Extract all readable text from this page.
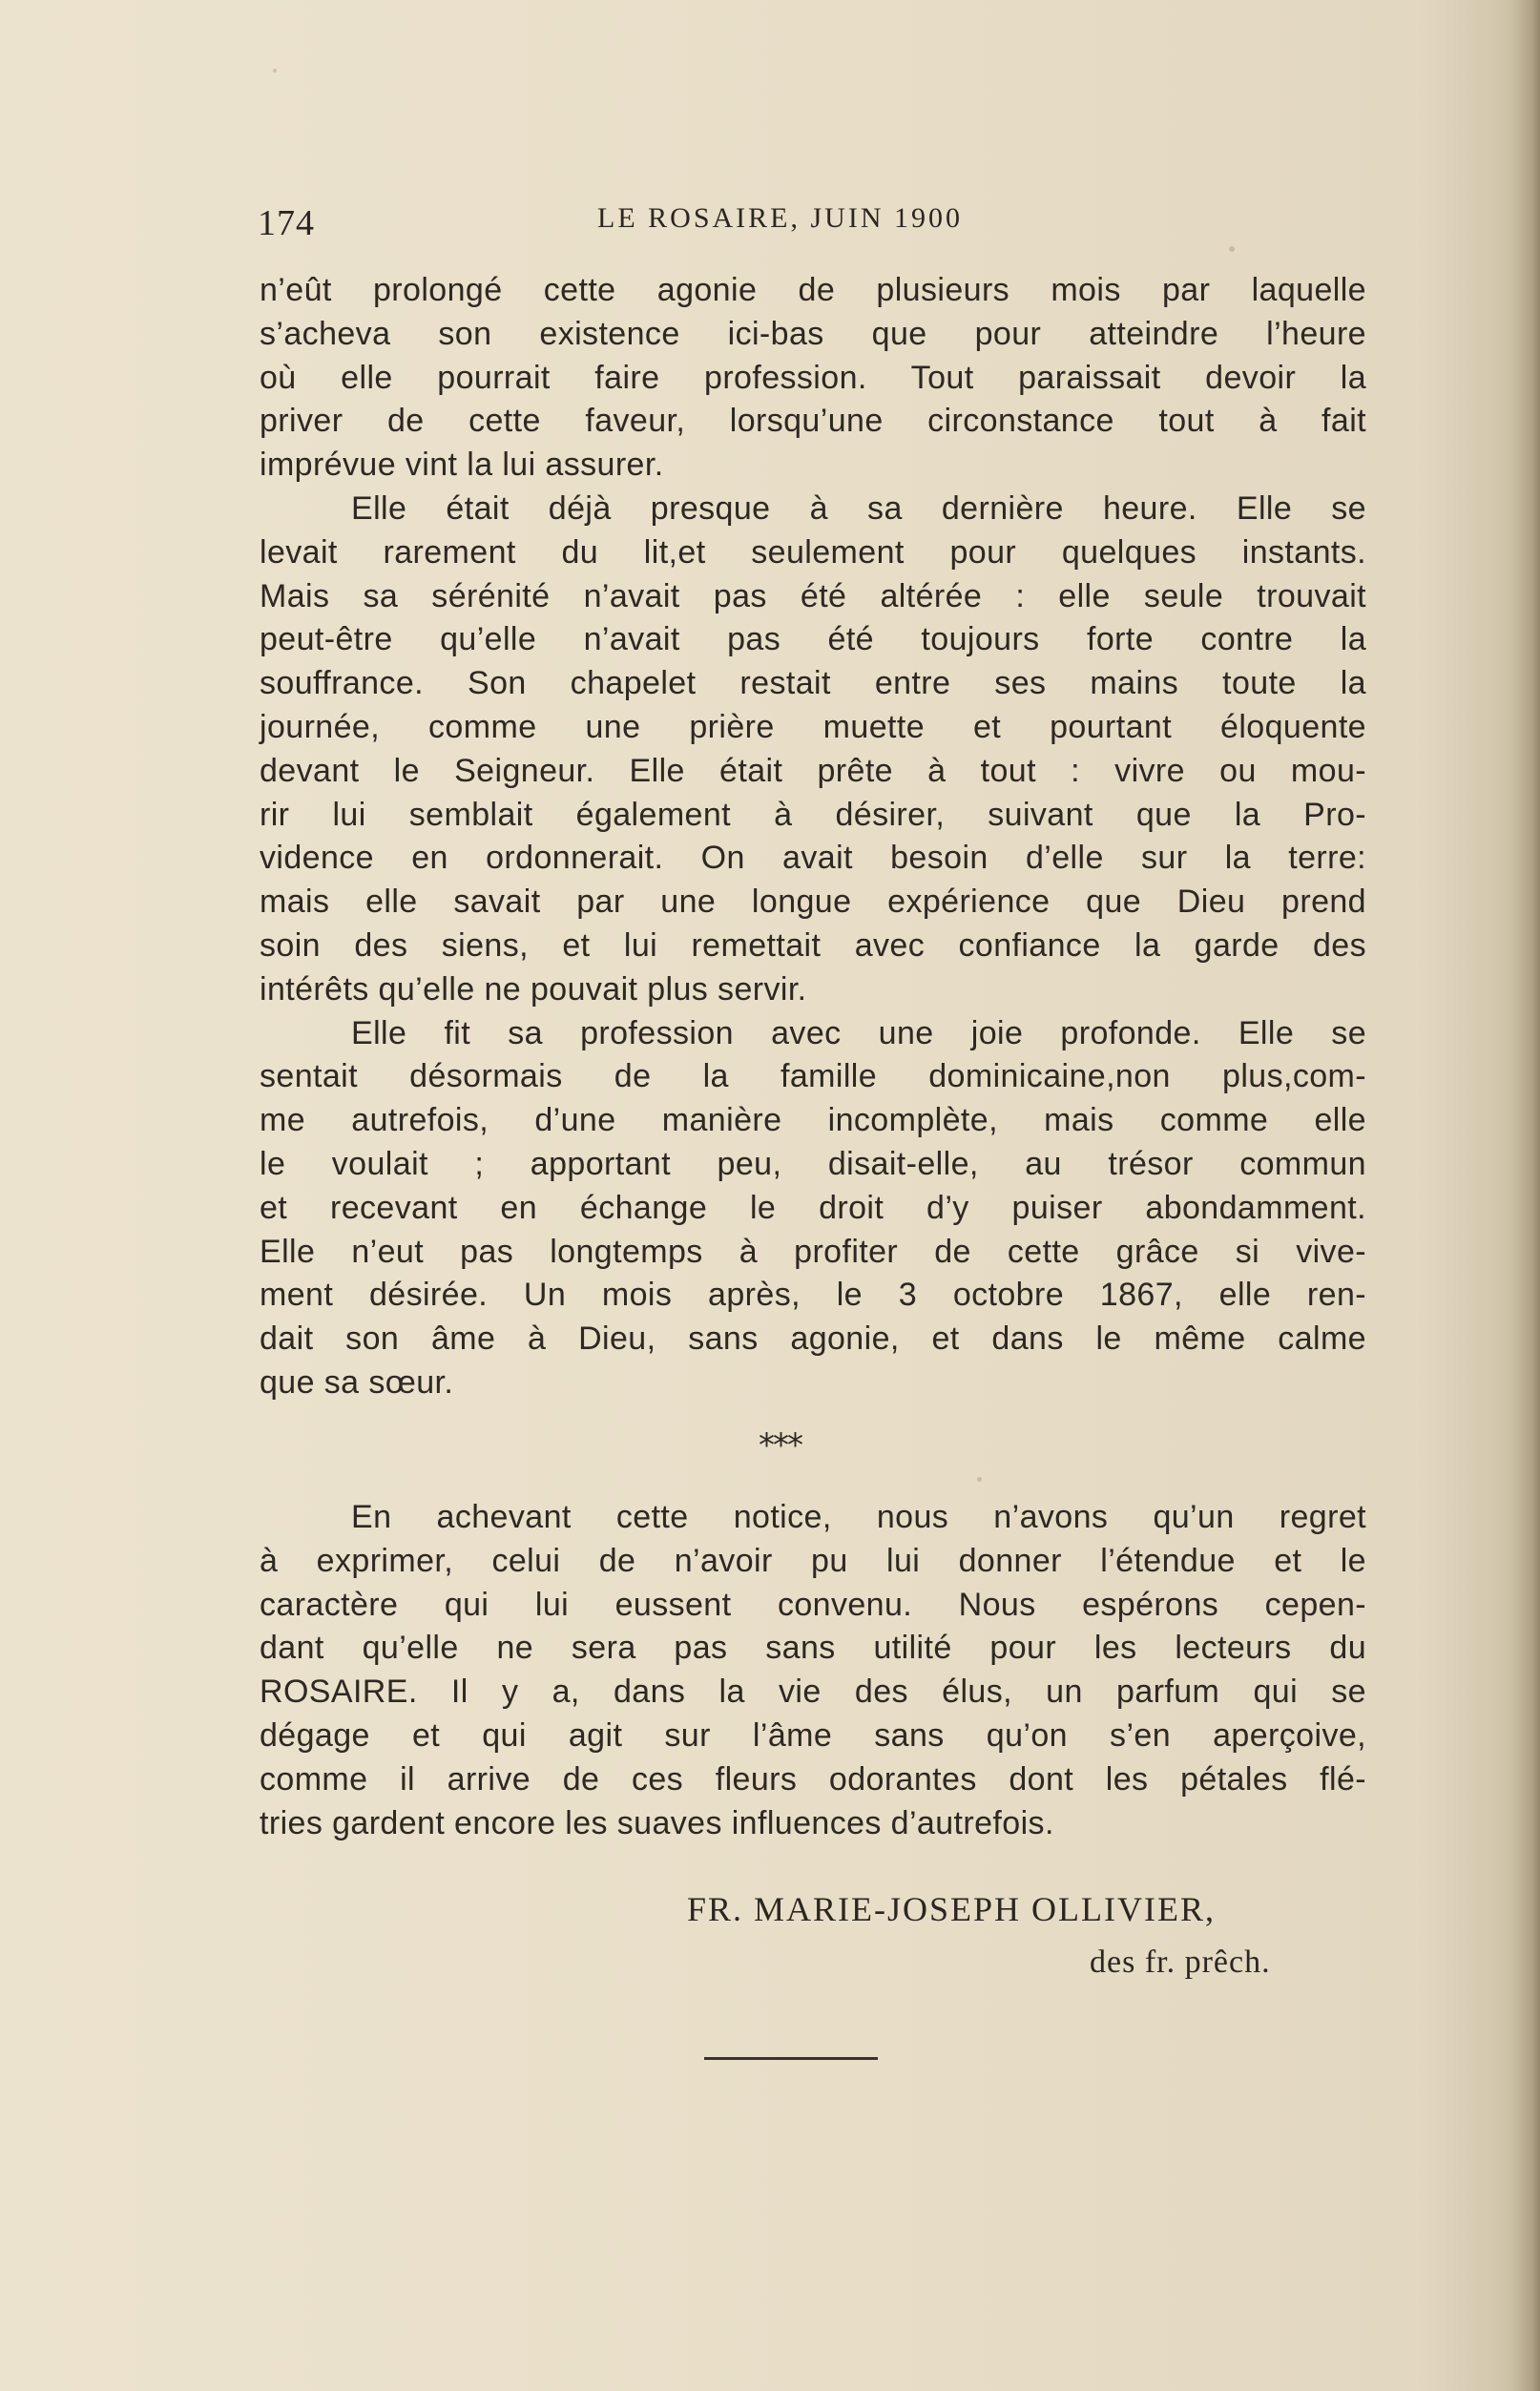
174	LE ROSAIRE, JUIN 1900
n’eût prolongé cette agonie de plusieurs mois par laquelle
s’acheva son existence ici-bas que pour atteindre l’heure
où elle pourrait faire profession. Tout paraissait devoir la
priver de cette faveur, lorsqu’une circonstance tout à fait
imprévue vint la lui assurer.
Elle était déjà presque à sa dernière heure. Elle se
levait rarement du lit,et seulement pour quelques instants.
Mais sa sérénité n’avait pas été altérée : elle seule trouvait
peut-être qu’elle n’avait pas été toujours forte contre la
souffrance. Son chapelet restait entre ses mains toute la
journée, comme une prière muette et pourtant éloquente
devant le Seigneur. Elle était prête à tout : vivre ou mou-
rir lui semblait également à désirer, suivant que la Pro-
vidence en ordonnerait. On avait besoin d’elle sur la terre:
mais elle savait par une longue expérience que Dieu prend
soin des siens, et lui remettait avec confiance la garde des
intérêts qu’elle ne pouvait plus servir.
Elle fit sa profession avec une joie profonde. Elle se
sentait désormais de la famille dominicaine,non plus,com-
me autrefois, d’une manière incomplète, mais comme elle
le voulait ; apportant peu, disait-elle, au trésor commun
et recevant en échange le droit d’y puiser abondamment.
Elle n’eut pas longtemps à profiter de cette grâce si vive-
ment désirée. Un mois après, le 3 octobre 1867, elle ren-
dait son âme à Dieu, sans agonie, et dans le même calme
que sa sœur.
***
En achevant cette notice, nous n’avons qu’un regret
à exprimer, celui de n’avoir pu lui donner l’étendue et le
caractère qui lui eussent convenu. Nous espérons cepen-
dant qu’elle ne sera pas sans utilité pour les lecteurs du
ROSAIRE. Il y a, dans la vie des élus, un parfum qui se
dégage et qui agit sur l’âme sans qu’on s’en aperçoive,
comme il arrive de ces fleurs odorantes dont les pétales flé-
tries gardent encore les suaves influences d’autrefois.
FR. MARIE-JOSEPH OLLIVIER,
des fr. prêch.
